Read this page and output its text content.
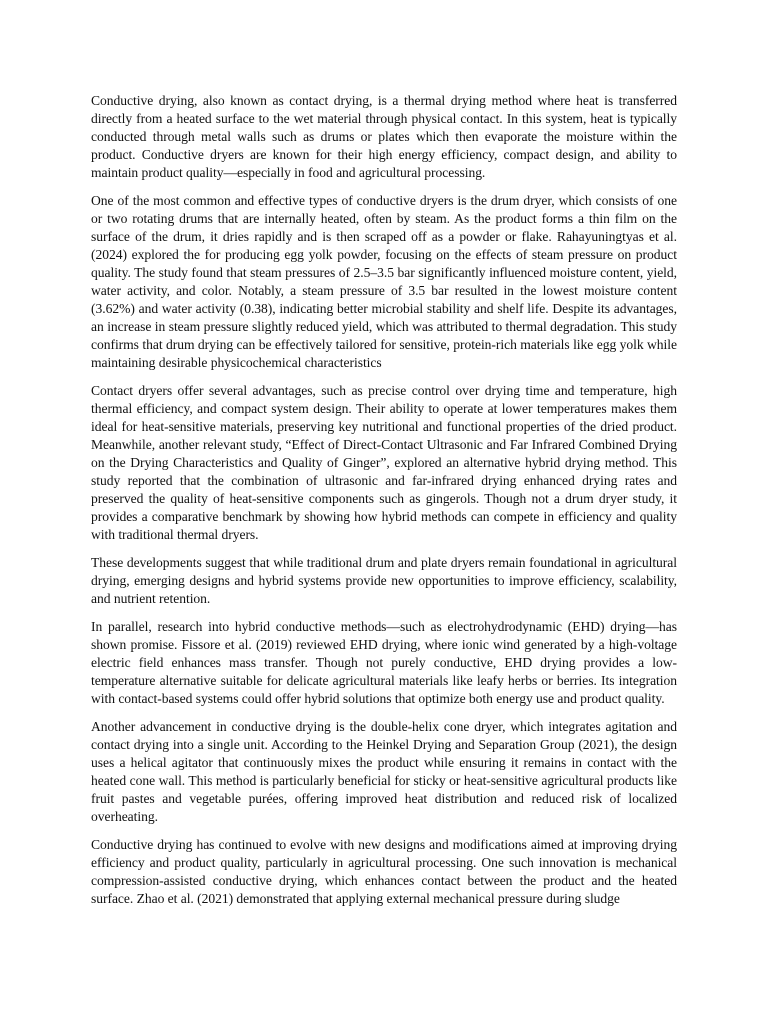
Conductive drying, also known as contact drying, is a thermal drying method where heat is transferred directly from a heated surface to the wet material through physical contact. In this system, heat is typically conducted through metal walls such as drums or plates which then evaporate the moisture within the product. Conductive dryers are known for their high energy efficiency, compact design, and ability to maintain product quality—especially in food and agricultural processing.

One of the most common and effective types of conductive dryers is the drum dryer, which consists of one or two rotating drums that are internally heated, often by steam. As the product forms a thin film on the surface of the drum, it dries rapidly and is then scraped off as a powder or flake. Rahayuningtyas et al. (2024) explored the for producing egg yolk powder, focusing on the effects of steam pressure on product quality. The study found that steam pressures of 2.5–3.5 bar significantly influenced moisture content, yield, water activity, and color. Notably, a steam pressure of 3.5 bar resulted in the lowest moisture content (3.62%) and water activity (0.38), indicating better microbial stability and shelf life. Despite its advantages, an increase in steam pressure slightly reduced yield, which was attributed to thermal degradation. This study confirms that drum drying can be effectively tailored for sensitive, protein-rich materials like egg yolk while maintaining desirable physicochemical characteristics

Contact dryers offer several advantages, such as precise control over drying time and temperature, high thermal efficiency, and compact system design. Their ability to operate at lower temperatures makes them ideal for heat-sensitive materials, preserving key nutritional and functional properties of the dried product. Meanwhile, another relevant study, “Effect of Direct-Contact Ultrasonic and Far Infrared Combined Drying on the Drying Characteristics and Quality of Ginger”, explored an alternative hybrid drying method. This study reported that the combination of ultrasonic and far-infrared drying enhanced drying rates and preserved the quality of heat-sensitive components such as gingerols. Though not a drum dryer study, it provides a comparative benchmark by showing how hybrid methods can compete in efficiency and quality with traditional thermal dryers.

These developments suggest that while traditional drum and plate dryers remain foundational in agricultural drying, emerging designs and hybrid systems provide new opportunities to improve efficiency, scalability, and nutrient retention.

In parallel, research into hybrid conductive methods—such as electrohydrodynamic (EHD) drying—has shown promise. Fissore et al. (2019) reviewed EHD drying, where ionic wind generated by a high-voltage electric field enhances mass transfer. Though not purely conductive, EHD drying provides a low-temperature alternative suitable for delicate agricultural materials like leafy herbs or berries. Its integration with contact-based systems could offer hybrid solutions that optimize both energy use and product quality.

Another advancement in conductive drying is the double-helix cone dryer, which integrates agitation and contact drying into a single unit. According to the Heinkel Drying and Separation Group (2021), the design uses a helical agitator that continuously mixes the product while ensuring it remains in contact with the heated cone wall. This method is particularly beneficial for sticky or heat-sensitive agricultural products like fruit pastes and vegetable purées, offering improved heat distribution and reduced risk of localized overheating.

Conductive drying has continued to evolve with new designs and modifications aimed at improving drying efficiency and product quality, particularly in agricultural processing. One such innovation is mechanical compression-assisted conductive drying, which enhances contact between the product and the heated surface. Zhao et al. (2021) demonstrated that applying external mechanical pressure during sludge
